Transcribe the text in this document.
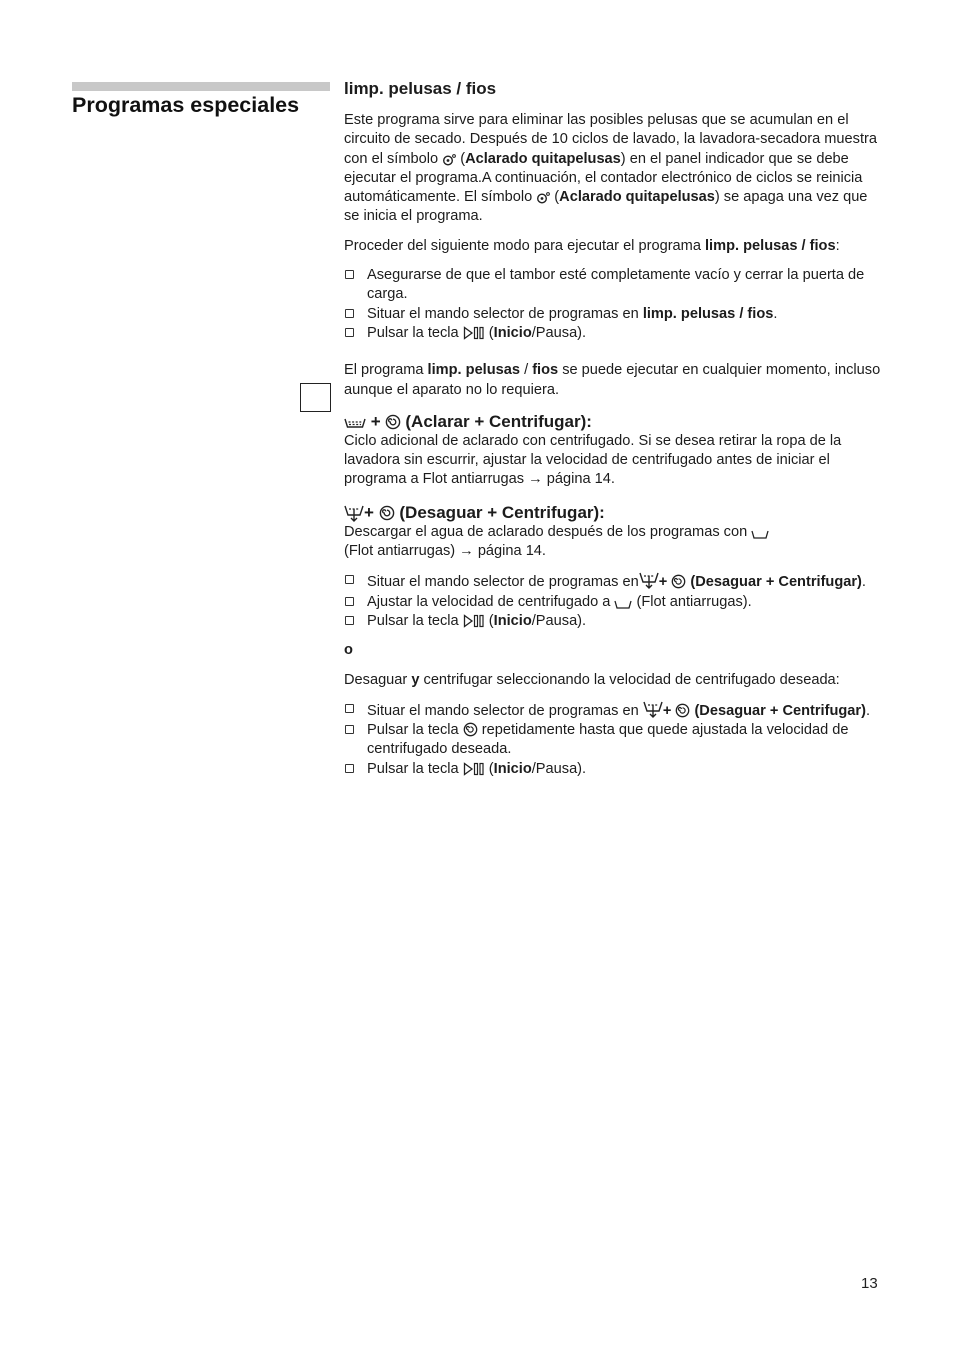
Programas especiales
limp. pelusas / fios

Este programa sirve para eliminar las posibles pelusas que se acumulan en el circuito de secado. Después de 10 ciclos de lavado, la lavadora-secadora muestra con el símbolo
(Aclarado quitapelusas) en el panel indicador que se debe ejecutar el programa.A continuación, el contador electrónico de ciclos se reinicia automáticamente. El símbolo
(Aclarado quitapelusas) se apaga una vez que se inicia el programa.

Proceder del siguiente modo para ejecutar el programa limp. pelusas / fios:

Asegurarse de que el tambor esté completamente vacío y cerrar la puerta de carga.
Situar el mando selector de programas en limp. pelusas / fios.
Pulsar la tecla
(Inicio/Pausa).

El programa limp. pelusas / fios se puede ejecutar en cualquier momento, incluso aunque el aparato no lo requiera.

+ (Aclarar + Centrifugar):

Ciclo adicional de aclarado con centrifugado. Si se desea retirar la ropa de la lavadora sin escurrir, ajustar la velocidad de centrifugado antes de iniciar el programa a Flot antiarrugas → página 14.

+ (Desaguar + Centrifugar):

Descargar el agua de aclarado después de los programas con

(Flot antiarrugas) → página 14.

Situar el mando selector de programas en +
(Desaguar + Centrifugar).
Ajustar la velocidad de centrifugado a
(Flot antiarrugas).
Pulsar la tecla
(Inicio/Pausa).

o

Desaguar y centrifugar seleccionando la velocidad de centrifugado deseada:

Situar el mando selector de programas en
+
(Desaguar + Centrifugar).
Pulsar la tecla
repetidamente hasta que quede ajustada la velocidad de centrifugado deseada.
Pulsar la tecla
(Inicio/Pausa).
13
